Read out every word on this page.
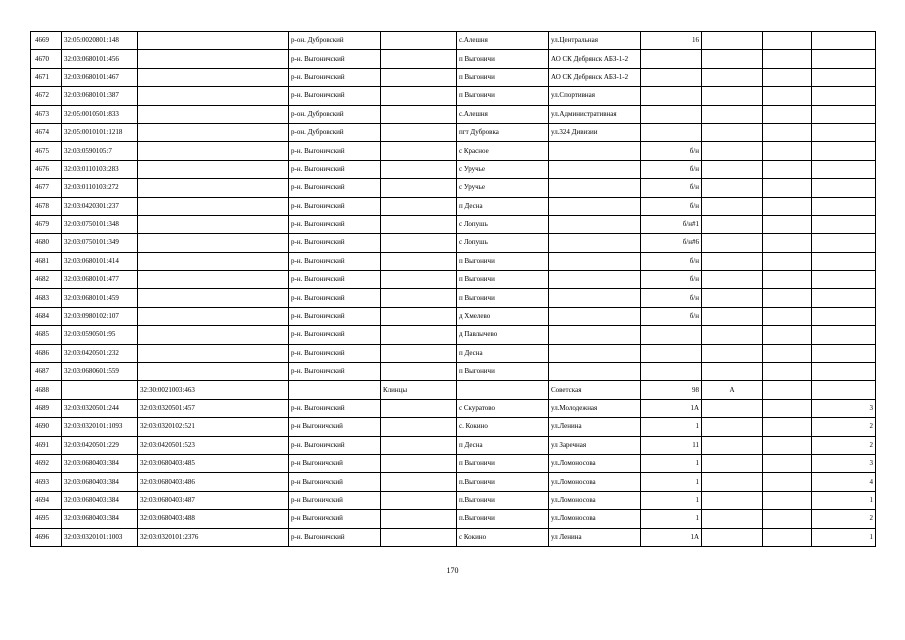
4669	32:05:0020801:148		р-он. Дубровский		с.Алешня	ул.Центральная	16			
4670	32:03:0680101:456		р-н. Выгоничский		п Выгоничи	АО СК Дебрянск АБЗ-1-2				
4671	32:03:0680101:467		р-н. Выгоничский		п Выгоничи	АО СК Дебрянск АБЗ-1-2				
4672	32:03:0680101:387		р-н. Выгоничский		п Выгоничи	ул.Спортивная				
4673	32:05:0010501:833		р-он. Дубровский		с.Алешня	ул.Административная				
4674	32:05:0010101:1218		р-он. Дубровский		пгт Дубровка	ул.324 Дивизии				
4675	32:03:0590105:7		р-н. Выгоничский		с Красное		б/н			
4676	32:03:0110103:283		р-н. Выгоничский		с Уручье		б/н			
4677	32:03:0110103:272		р-н. Выгоничский		с Уручье		б/н			
4678	32:03:0420301:237		р-н. Выгоничский		п Десна		б/н			
4679	32:03:0750101:348		р-н. Выгоничский		с Лопушь		б/н#1			
4680	32:03:0750101:349		р-н. Выгоничский		с Лопушь		б/н#6			
4681	32:03:0680101:414		р-н. Выгоничский		п Выгоничи		б/н			
4682	32:03:0680101:477		р-н. Выгоничский		п Выгоничи		б/н			
4683	32:03:0680101:459		р-н. Выгоничский		п Выгоничи		б/н			
4684	32:03:0980102:107		р-н. Выгоничский		д Хмелево		б/н			
4685	32:03:0590501:95		р-н. Выгоничский		д Павлычево					
4686	32:03:0420501:232		р-н. Выгоничский		п Десна					
4687	32:03:0680601:559		р-н. Выгоничский		п Выгоничи					
4688		32:30:0021003:463		Клинцы		Советская	98	А		
4689	32:03:0320501:244	32:03:0320501:457	р-н. Выгоничский		с Скуратово	ул.Молодежная	1А			3
4690	32:03:0320101:1093	32:03:0320102:521	р-н Выгоничский		с. Кокино	ул.Ленина	1			2
4691	32:03:0420501:229	32:03:0420501:523	р-н. Выгоничский		п Десна	ул Заречная	11			2
4692	32:03:0680403:384	32:03:0680403:485	р-н Выгоничский		п Выгоничи	ул.Ломоносова	1			3
4693	32:03:0680403:384	32:03:0680403:486	р-н Выгоничский		п.Выгоничи	ул.Ломоносова	1			4
4694	32:03:0680403:384	32:03:0680403:487	р-н Выгоничский		п.Выгоничи	ул.Ломоносова	1			1
4695	32:03:0680403:384	32:03:0680403:488	р-н Выгоничский		п.Выгоничи	ул.Ломоносова	1			2
4696	32:03:0320101:1003	32:03:0320101:2376	р-н. Выгоничский		с Кокино	ул Ленина	1А			1
170
